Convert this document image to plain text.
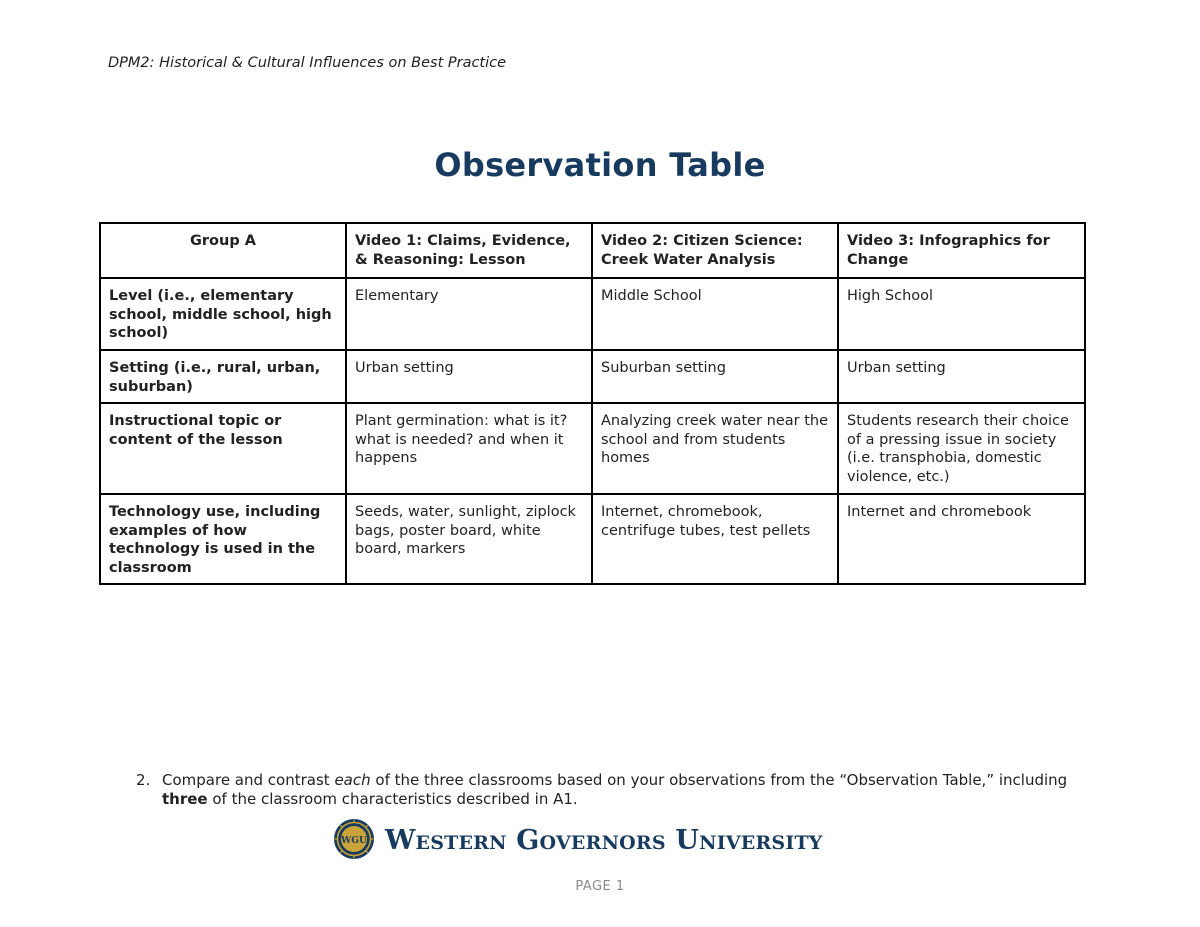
DPM2: Historical & Cultural Influences on Best Practice
Observation Table
Group A	Video 1: Claims, Evidence, & Reasoning: Lesson	Video 2: Citizen Science: Creek Water Analysis	Video 3: Infographics for Change
Level (i.e., elementary school, middle school, high school)	Elementary	Middle School	High School
Setting (i.e., rural, urban, suburban)	Urban setting	Suburban setting	Urban setting
Instructional topic or content of the lesson	Plant germination: what is it? what is needed? and when it happens	Analyzing creek water near the school and from students homes	Students research their choice of a pressing issue in society (i.e. transphobia, domestic violence, etc.)
Technology use, including examples of how technology is used in the classroom	Seeds, water, sunlight, ziplock bags, poster board, white board, markers	Internet, chromebook, centrifuge tubes, test pellets	Internet and chromebook
2. Compare and contrast each of the three classrooms based on your observations from the “Observation Table,” including three of the classroom characteristics described in A1.
WGU Western Governors University
PAGE 1
